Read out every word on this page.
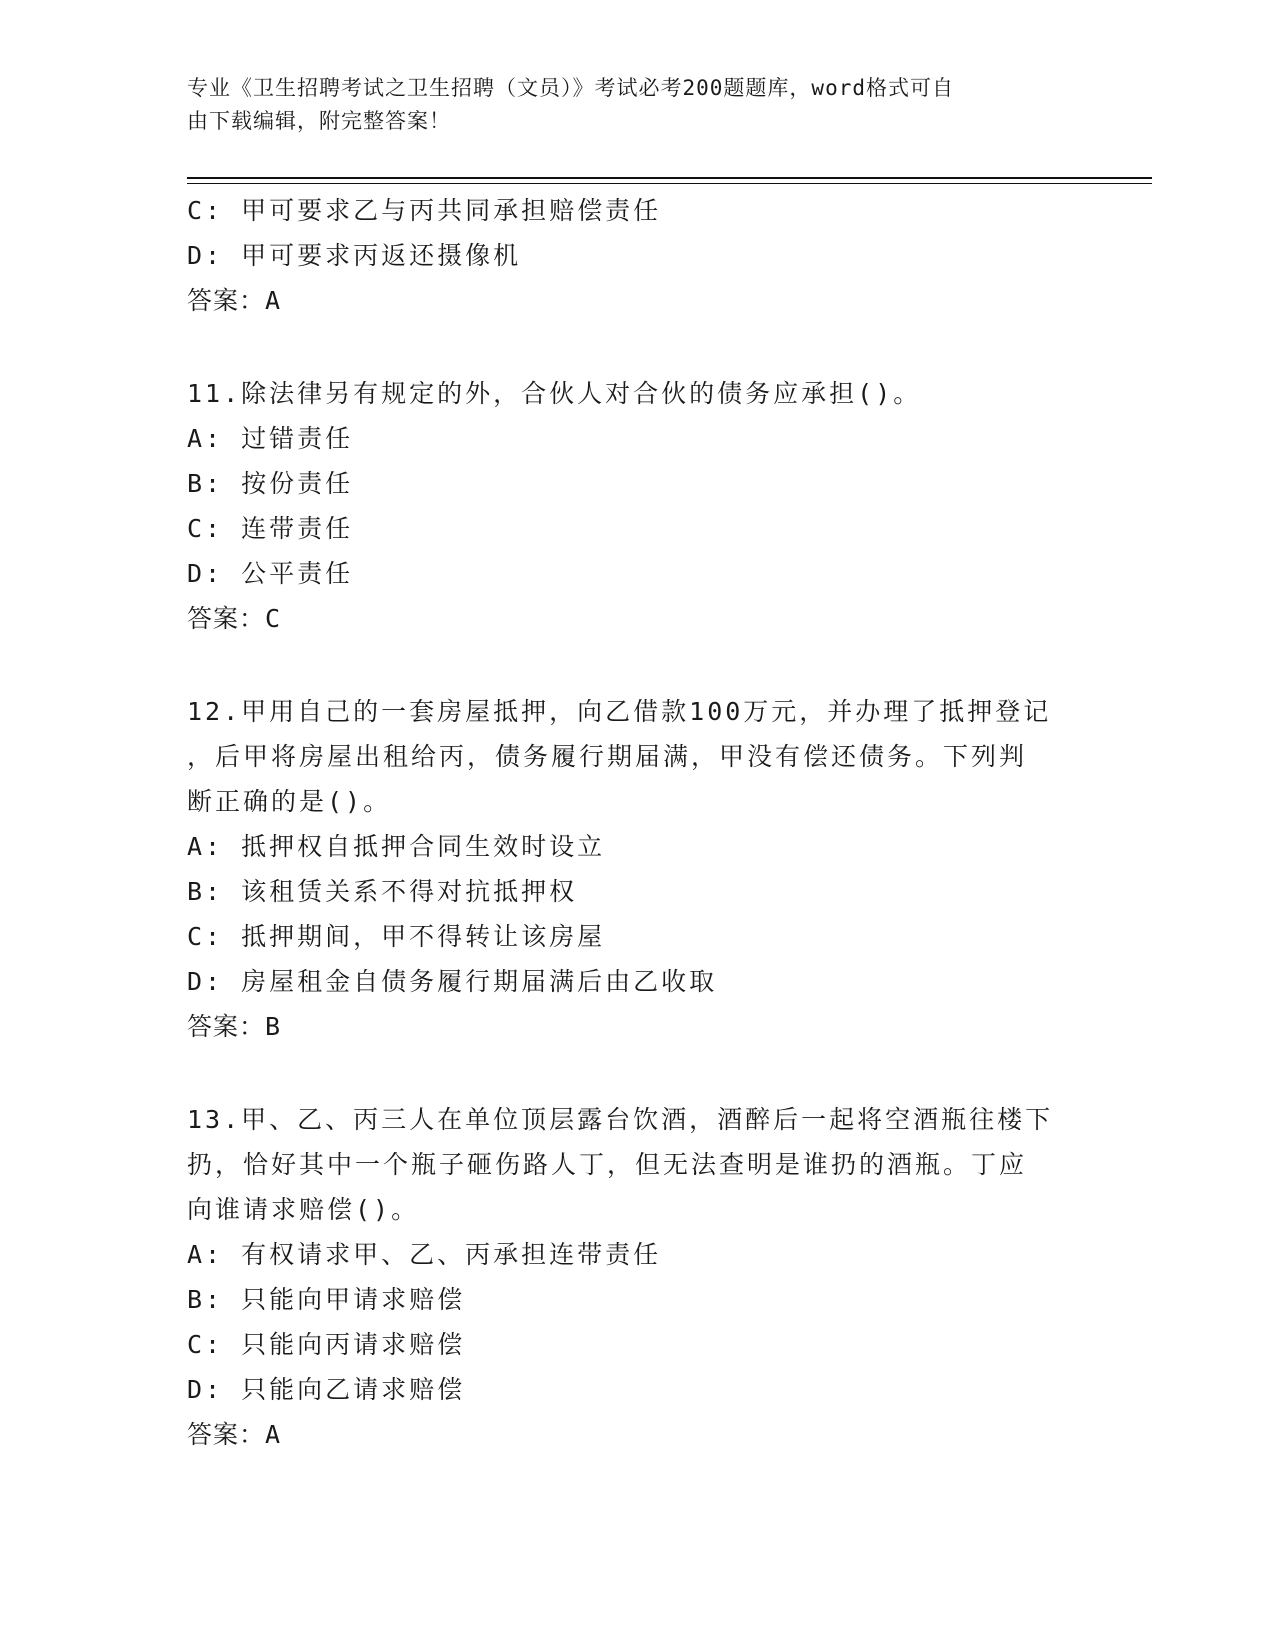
专业《卫生招聘考试之卫生招聘（文员）》考试必考200题题库，word格式可自
由下载编辑，附完整答案！
C: 甲可要求乙与丙共同承担赔偿责任
D: 甲可要求丙返还摄像机
答案：A
11.除法律另有规定的外，合伙人对合伙的债务应承担()。
A: 过错责任
B: 按份责任
C: 连带责任
D: 公平责任
答案：C
12.甲用自己的一套房屋抵押，向乙借款100万元，并办理了抵押登记
，后甲将房屋出租给丙，债务履行期届满，甲没有偿还债务。下列判
断正确的是()。
A: 抵押权自抵押合同生效时设立
B: 该租赁关系不得对抗抵押权
C: 抵押期间，甲不得转让该房屋
D: 房屋租金自债务履行期届满后由乙收取
答案：B
13.甲、乙、丙三人在单位顶层露台饮酒，酒醉后一起将空酒瓶往楼下
扔，恰好其中一个瓶子砸伤路人丁，但无法查明是谁扔的酒瓶。丁应
向谁请求赔偿()。
A: 有权请求甲、乙、丙承担连带责任
B: 只能向甲请求赔偿
C: 只能向丙请求赔偿
D: 只能向乙请求赔偿
答案：A
